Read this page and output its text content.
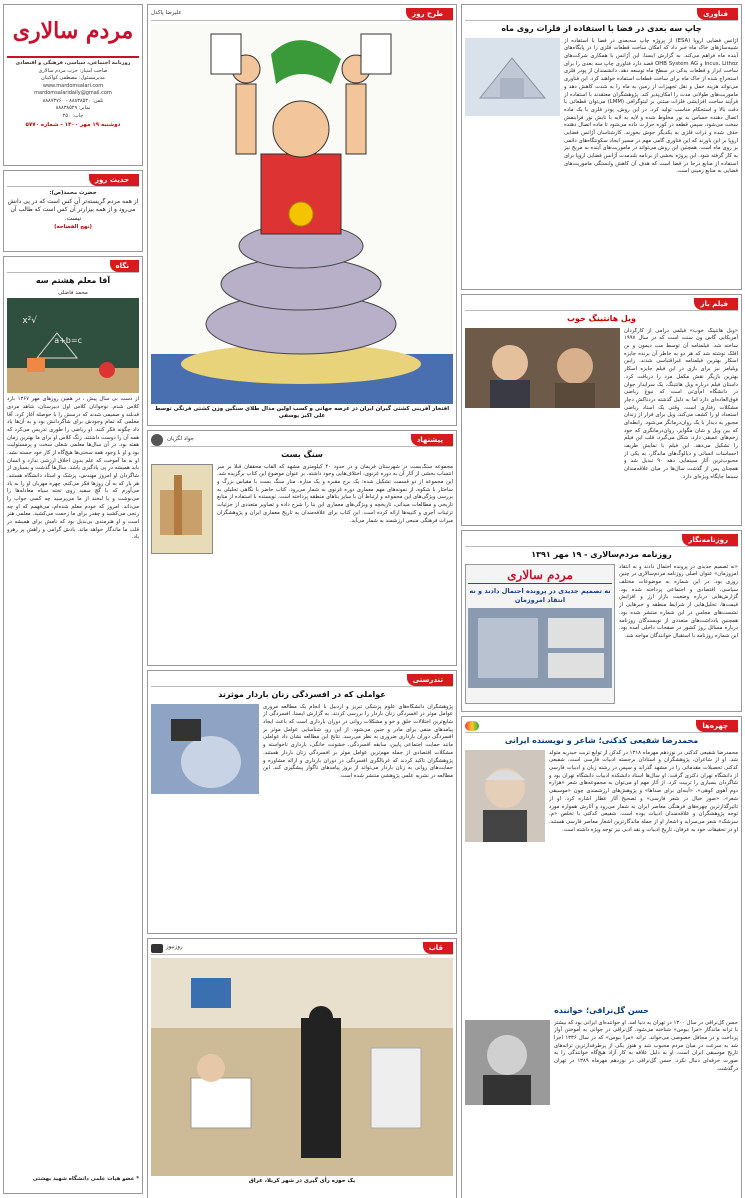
مردم سالاری
روزنامه اجتماعی، سیاسی، فرهنگی و اقتصادی
صاحب امتیاز: حزب مردم سالاری
مدیرمسئول: مصطفی کواکبیان
www.mardomsalari.com
mardomsalaridaily@gmail.com
تلفن: ۸۸۸۳۸۵۳۰ - ۸۸۸۷۳۷۶۰
نمابر: ۸۸۸۳۸۵۲۹
چاپ: ۲۵۰
دوشنبه ۱۹ مهر ۱۴۰۰ - شماره ۵۷۷۰
حدیث روز
حضرت محمد(ص):
از همه مردم گریسته‌تر آن کس است که در پی دانش می‌رود و از همه بیزارتر آن کس است که طالب آن نیست.
(نهج الفصاحه)
نگاه
آقا معلم هشتم سه
محمد فاضلی
√x²
a+b=c
از دست بی سال پیش ، در همین روزهای مهر ۱۳۶۷ بارد کلاس شدم. نوجوانان کلاس اول دبیرستان، شاهد مردی قدبلند و صمیمی شدند که درسش را با حوصله آغاز کرد. آقا معلمی که تمام وجودش برای شاگردانش بود و به آن‌ها یاد داد چگونه فکر کنند. او ریاضی را طوری تدریس می‌کرد که همه آن را دوست داشتند. زنگ کلاس او برای ما بهترین زمان هفته بود. در آن سال‌ها معلمی شغلی سخت و پرمسئولیت بود و او با وجود همه سختی‌ها هیچ‌گاه از کار خود خسته نشد. او به ما آموخت که علم بدون اخلاق ارزشی ندارد و انسان باید همیشه در پی یادگیری باشد. سال‌ها گذشت و بسیاری از شاگردان او امروز مهندس، پزشک و استاد دانشگاه هستند. هر بار که به آن روزها فکر می‌کنم، چهره مهربان او را به یاد می‌آورم که با گچ سفید روی تخته سیاه معادله‌ها را می‌نوشت و با لبخند از ما می‌پرسید چه کسی جواب را می‌داند. امروز که خودم معلم شده‌ام، می‌فهمم که او چه رنجی می‌کشید و چقدر برای ما زحمت می‌کشید. معلمی هنر است و او هنرمندی بی‌بدیل بود که نامش برای همیشه در قلب ما ماندگار خواهد ماند. یادش گرامی و راهش پر رهرو باد.
* عضو هیات علمی دانشگاه شهید بهشتی
طرح روز
علیرضا پاکدل
افتخار آفرینی کشتی گیران ایران در عرصه جهانی و کسب اولین مدال طلای سنگین وزن کشتی فرنگی توسط علی اکبر یوسفی
پیشنهاد
جواد لگزیان
سنگ بست
مجموعه سنگ‌بست در شهرستان فریمان و در حدود ۴۰ کیلومتری مشهد که القاب محققان قبلاً بر سر انتساب بخشی از آثار آن به دوره غزنوی، اختلاف‌هایی وجود داشته، بر عنوان موضوع این کتاب برگزیده شد. این مجموعه از دو قسمت تشکیل شده: یک برج مقبره و یک مناره. منار سنگ بست با مقیاس بزرگ و ساختار با شکوه، از نمونه‌های مهم معماری دوره غزنوی به شمار می‌رود. کتاب حاضر با نگاهی تحلیلی به بررسی ویژگی‌های این مجموعه و ارتباط آن با سایر بناهای منطقه پرداخته است. نویسنده با استفاده از منابع تاریخی و مطالعات میدانی، تاریخچه و ویژگی‌های معماری این بنا را شرح داده و تصاویر متعددی از جزئیات تزئینات آجری و کتیبه‌ها ارائه کرده است. این کتاب برای علاقه‌مندان به تاریخ معماری ایران و پژوهشگران میراث فرهنگی منبعی ارزشمند به شمار می‌آید.
تندرستی
عواملی که در افسردگی زنان باردار موثرند
پژوهشگران دانشگاه‌های علوم پزشکی تبریز و اردبیل با انجام یک مطالعه مروری عوامل موثر در افسردگی زنان باردار را بررسی کردند. به گزارش ایسنا، افسردگی از شایع‌ترین اختلالات خلق و خو و مشکلات روانی در دوران بارداری است که باعث ایجاد پیامدهای منفی برای مادر و جنین می‌شود. از این رو، شناسایی عوامل موثر بر افسردگی دوران بارداری ضروری به نظر می‌رسد. نتایج این مطالعه نشان داد عواملی مانند حمایت اجتماعی پایین، سابقه افسردگی، خشونت خانگی، بارداری ناخواسته و مشکلات اقتصادی از جمله مهم‌ترین عوامل موثر بر افسردگی زنان باردار هستند. پژوهشگران تاکید کردند که غربالگری افسردگی در دوران بارداری و ارائه مشاوره و حمایت‌های روانی به زنان باردار می‌تواند از بروز پیامدهای ناگوار پیشگیری کند. این مطالعه در نشریه علمی پژوهشی منتشر شده است.
قاب
روزنیوز
یک حوزه رأی گیری در شهر کربلا، عراق
فناوری
چاپ سه بعدی در فضا با استفاده از فلزات روی ماه
آژانس فضایی اروپا (ESA) از پروژه چاپ سه‌بعدی در فضا با استفاده از شبیه‌سازهای خاک ماه خبر داد که امکان ساخت قطعات فلزی را در پایگاه‌های آینده ماه فراهم می‌کند. به گزارش ایسنا، این آژانس با همکاری شرکت‌های Incus، Lithoz و OHB System AG قصد دارد فناوری چاپ سه بعدی را برای ساخت ابزار و قطعات یدکی در سطح ماه توسعه دهد. دانشمندان از پودر فلزی استخراج شده از خاک ماه برای ساخت قطعات استفاده خواهند کرد. این فناوری می‌تواند هزینه حمل و نقل تجهیزات از زمین به ماه را به شدت کاهش دهد و ماموریت‌های طولانی مدت را امکان‌پذیر کند. پژوهشگران معتقدند با استفاده از فرآیند ساخت افزایشی فلزات مبتنی بر لیتوگرافی (LMM) می‌توان قطعاتی با دقت بالا و استحکام مناسب تولید کرد. در این روش، پودر فلزی با یک ماده اتصال دهنده حساس به نور مخلوط شده و لایه به لایه با تابش نور فرابنفش سخت می‌شود. سپس قطعه در کوره حرارت داده می‌شود تا ماده اتصال دهنده حذف شده و ذرات فلزی به یکدیگر جوش بخورند. کارشناسان آژانس فضایی اروپا بر این باورند که این فناوری گامی مهم در مسیر ایجاد سکونتگاه‌های دائمی بر روی ماه است. همچنین این روش می‌تواند در ماموریت‌های آینده به مریخ نیز به کار گرفته شود. این پروژه بخشی از برنامه بلندمدت آژانس فضایی اروپا برای استفاده از منابع درجا در فضا است که هدف آن کاهش وابستگی ماموریت‌های فضایی به منابع زمینی است.
فیلم باز
ویل هانتینگ خوب
«ویل هانتینگ خوب» فیلمی درامی از کارگردان آمریکایی گاس ون سنت است که در سال ۱۹۹۷ ساخته شد. فیلمنامه آن توسط مت دیمون و بن افلک نوشته شد که هر دو به خاطر آن برنده جایزه اسکار بهترین فیلمنامه غیراقتباسی شدند. رابین ویلیامز نیز برای بازی در این فیلم جایزه اسکار بهترین بازیگر نقش مکمل مرد را دریافت کرد. داستان فیلم درباره ویل هانتینگ، یک سرایدار جوان در دانشگاه ام‌آی‌تی است که نبوغ ریاضی فوق‌العاده‌ای دارد اما به دلیل گذشته دردناکش دچار مشکلات رفتاری است. وقتی یک استاد ریاضی استعداد او را کشف می‌کند، ویل برای فرار از زندان مجبور به دیدار با یک روان‌درمانگر می‌شود. رابطه‌ای که بین ویل و شان مگوایر، روان‌درمانگری که خود زخم‌های عمیقی دارد، شکل می‌گیرد، قلب این فیلم را تشکیل می‌دهد. این فیلم با نمایش ظریف احساسات انسانی و دیالوگ‌های ماندگار، به یکی از محبوب‌ترین آثار سینمایی دهه ۹۰ تبدیل شد و همچنان پس از گذشت سال‌ها در میان علاقه‌مندان سینما جایگاه ویژه‌ای دارد.
روزنامه‌نگار
روزنامه مردم‌سالاری - ۱۹ مهر ۱۳۹۱
«نه تصمیم جدیدی در پرونده احتمال دادند و نه انتقاد امروزمان» عنوان اصلی روزنامه مردم‌سالاری در چنین روزی بود. در این شماره به موضوعات مختلف سیاسی، اقتصادی و اجتماعی پرداخته شده بود. گزارش‌هایی درباره وضعیت بازار ارز و افزایش قیمت‌ها، تحلیل‌هایی از شرایط منطقه و خبرهایی از نشست‌های مجلس در این شماره منتشر شده بود. همچنین یادداشت‌های متعددی از نویسندگان روزنامه درباره مسائل روز کشور در صفحات داخلی آمده بود. این شماره روزنامه با استقبال خوانندگان مواجه شد.
مردم سالاری
نه تصمیم جدیدی در پرونده احتمال دادند و نه انتقاد امروزمان
چهره‌ها
محمدرضا شفیعی کدکنی؛ شاعر و نویسنده ایرانی
محمدرضا شفیعی کدکنی در نوزدهم مهرماه ۱۳۱۸ در کدکن از توابع تربت حیدریه متولد شد. او از شاعران، پژوهشگران و استادان برجسته ادبیات فارسی است. شفیعی کدکنی تحصیلات مقدماتی را در مشهد گذراند و سپس در رشته زبان و ادبیات فارسی از دانشگاه تهران دکتری گرفت. او سال‌ها استاد دانشکده ادبیات دانشگاه تهران بود و شاگردان بسیاری را تربیت کرد. از آثار مهم او می‌توان به مجموعه‌های شعر «هزاره دوم آهوی کوهی»، «آینه‌ای برای صداها» و پژوهش‌های ارزشمندی چون «موسیقی شعر»، «صور خیال در شعر فارسی» و تصحیح آثار عطار اشاره کرد. او از تاثیرگذارترین چهره‌های فرهنگی معاصر ایران به شمار می‌رود و آثارش همواره مورد توجه پژوهشگران و علاقه‌مندان ادبیات بوده است. شفیعی کدکنی با تخلص «م. سرشک» شعر می‌سراید و اشعار او از جمله ماندگارترین اشعار معاصر فارسی هستند. او در تحقیقات خود به عرفان، تاریخ ادبیات و نقد ادبی نیز توجه ویژه داشته است.
حسن گل‌نراقی؛ خواننده
حسن گل‌نراقی در سال ۱۳۰۰ در تهران به دنیا آمد. او خواننده‌ای ایرانی بود که بیشتر با ترانه ماندگار «مرا ببوس» شناخته می‌شود. گل‌نراقی در جوانی به آموختن آواز پرداخت و در محافل خصوصی می‌خواند. ترانه «مرا ببوس» که در سال ۱۳۳۶ اجرا شد به سرعت در میان مردم محبوب شد و هنوز یکی از پرطرفدارترین ترانه‌های تاریخ موسیقی ایران است. او به دلیل علاقه به کار آزاد هیچ‌گاه خوانندگی را به صورت حرفه‌ای دنبال نکرد. حسن گل‌نراقی در نوزدهم مهرماه ۱۳۸۹ در تهران درگذشت.
